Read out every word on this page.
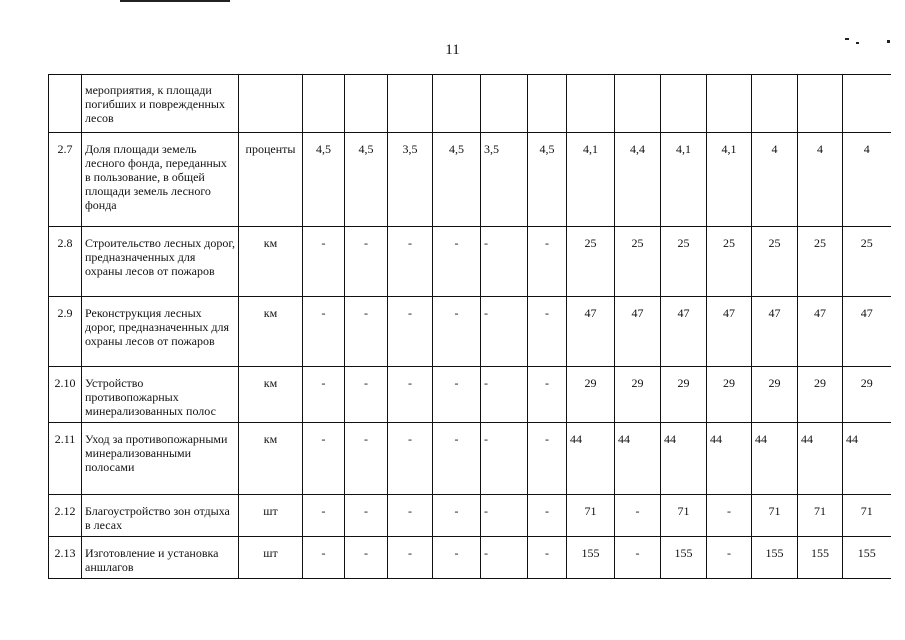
11
	мероприятия, к площади погибших и поврежденных лесов														
2.7	Доля площади земель лесного фонда, переданных в пользование, в общей площади земель лесного фонда	проценты	4,5	4,5	3,5	4,5	3,5	4,5	4,1	4,4	4,1	4,1	4	4	4
2.8	Строительство лесных дорог, предназначенных для охраны лесов от пожаров	км	-	-	-	-	-	-	25	25	25	25	25	25	25
2.9	Реконструкция лесных дорог, предназначенных для охраны лесов от пожаров	км	-	-	-	-	-	-	47	47	47	47	47	47	47
2.10	Устройство противопожарных минерализованных полос	км	-	-	-	-	-	-	29	29	29	29	29	29	29
2.11	Уход за противопожарными минерализованными полосами	км	-	-	-	-	-	-	44	44	44	44	44	44	44
2.12	Благоустройство зон отдыха в лесах	шт	-	-	-	-	-	-	71	-	71	-	71	71	71
2.13	Изготовление и установка аншлагов	шт	-	-	-	-	-	-	155	-	155	-	155	155	155
